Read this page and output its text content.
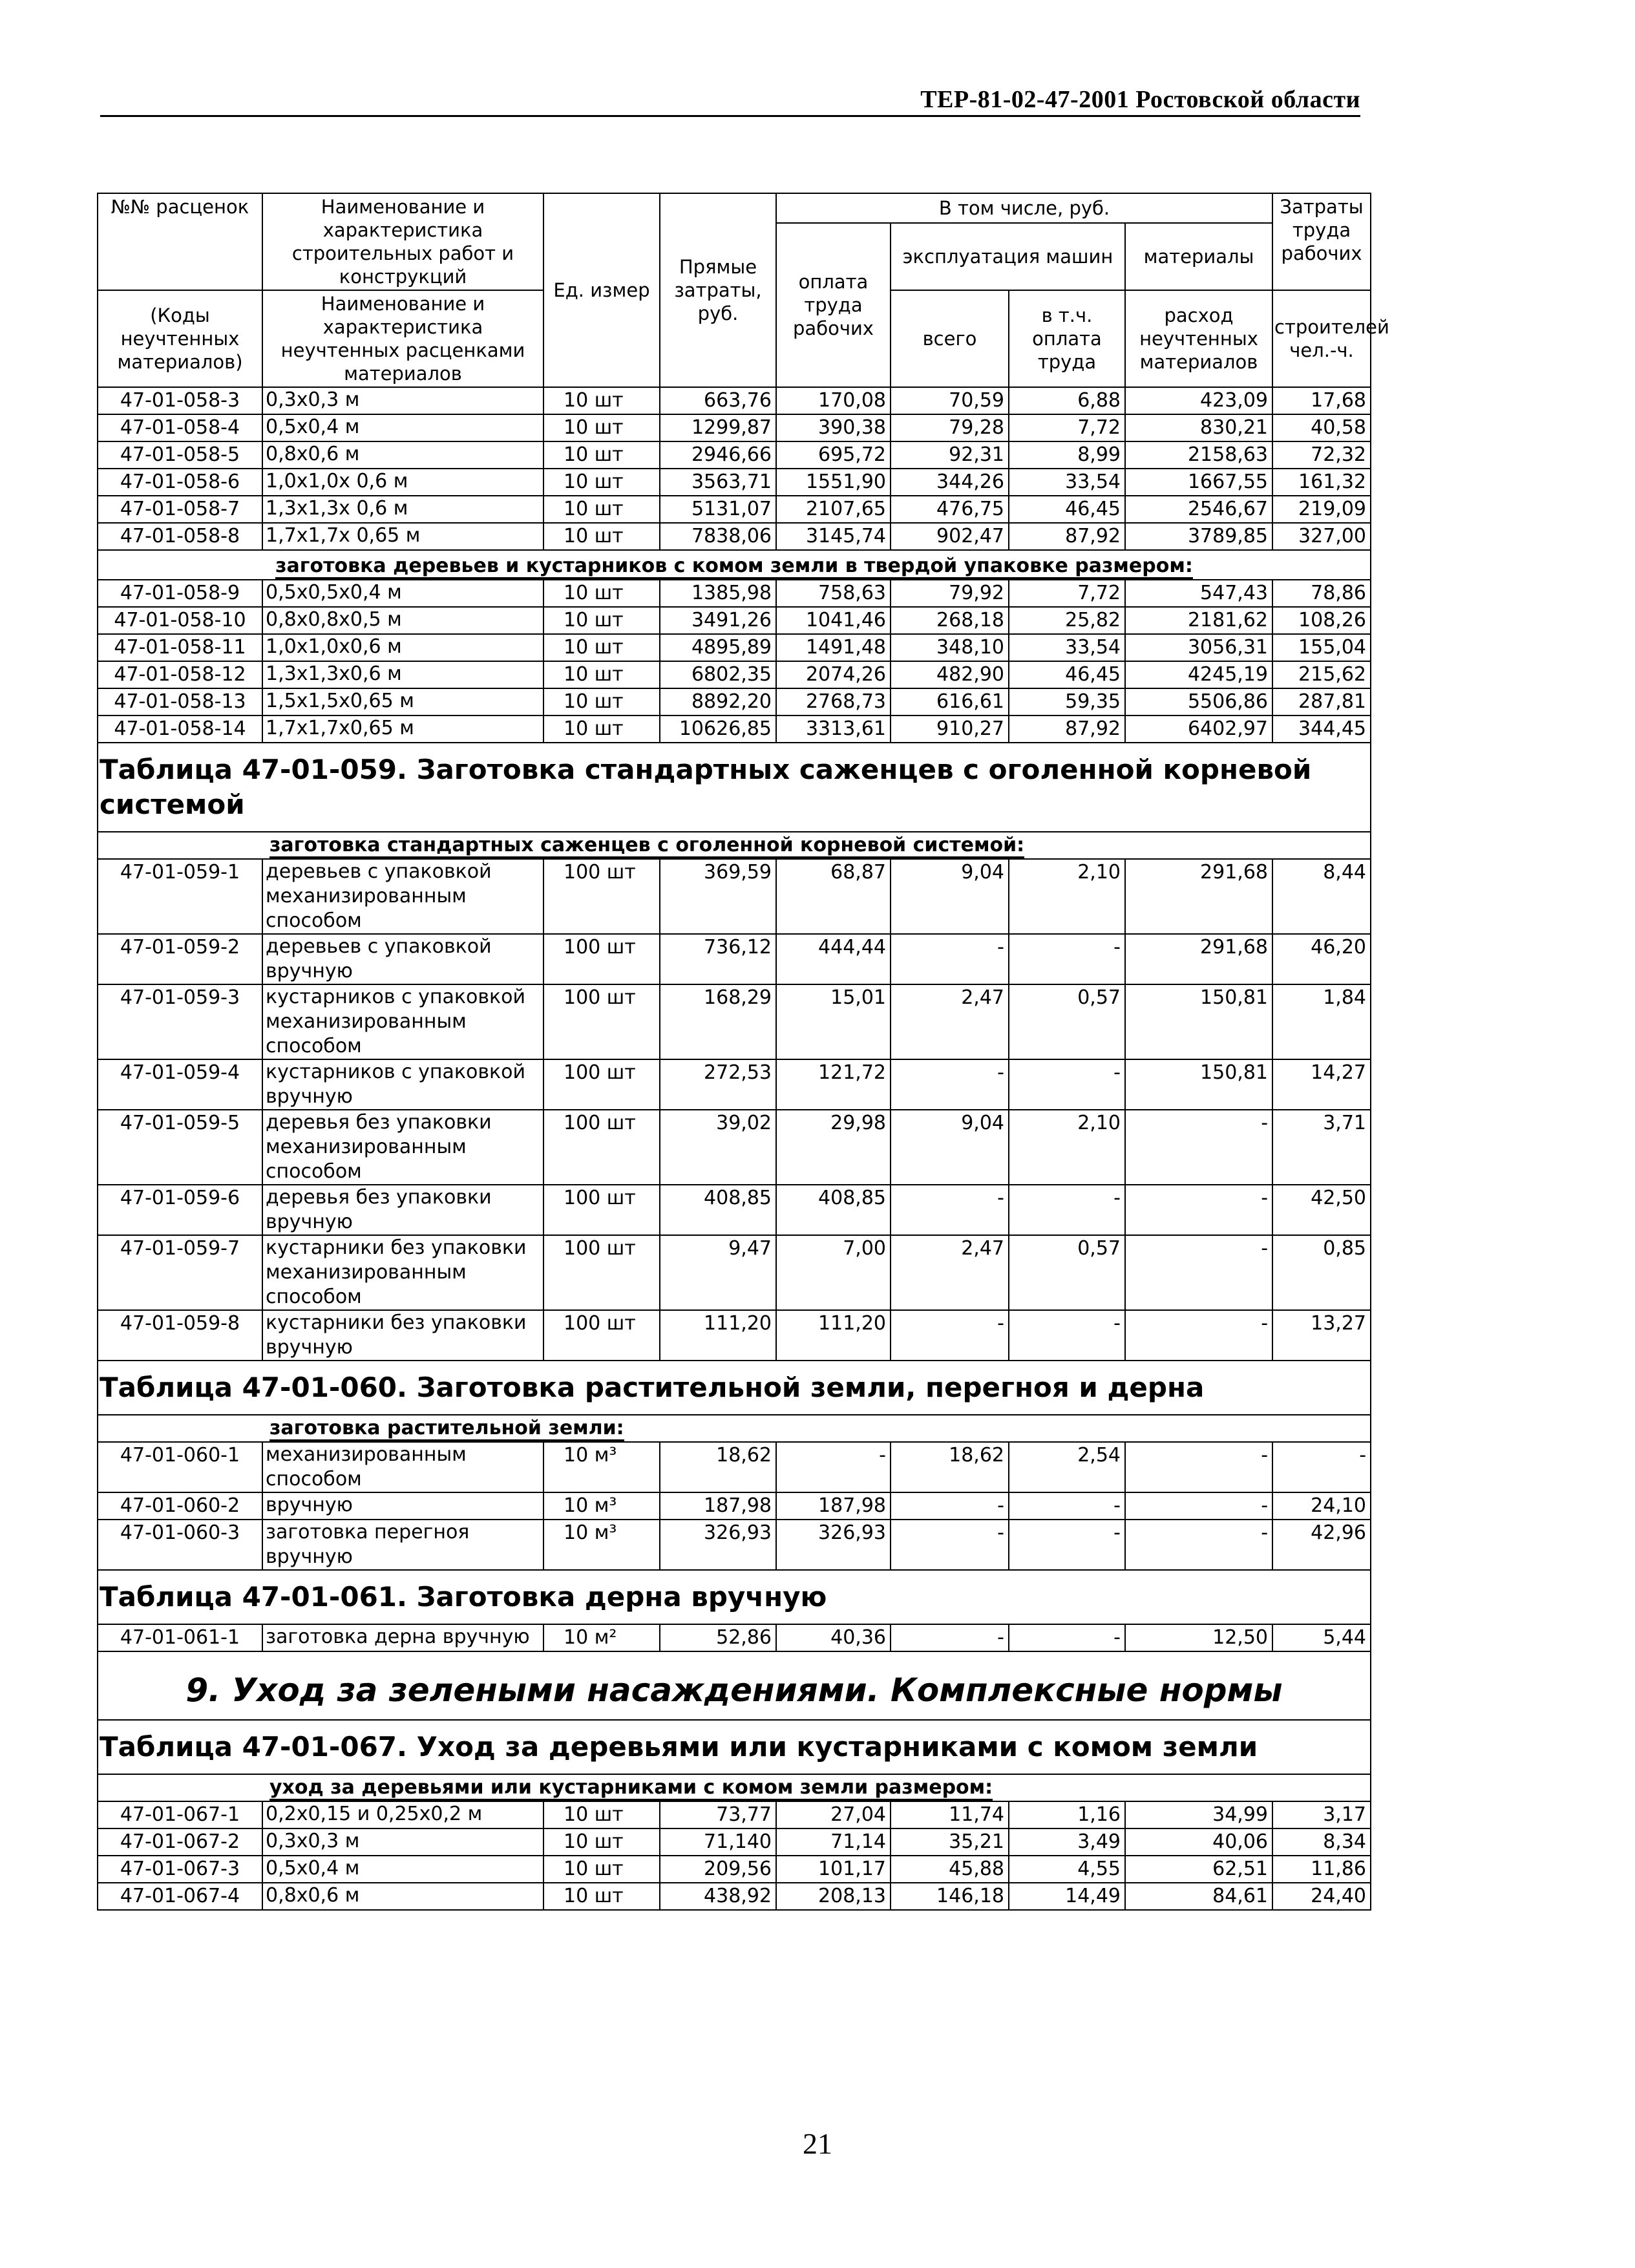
ТЕР-81-02-47-2001 Ростовской области
№№ расценок	Наименование и характеристика строительных работ и конструкций	Ед. измер	Прямые затраты, руб.	В том числе, руб.				Затраты труда рабочих
				оплата труда рабочих	эксплуатация машин		материалы	
(Коды неучтенных материалов)	Наименование и характеристика неучтенных расценками материалов				всего	в т.ч. оплата труда	расход неучтенных материалов	строителей чел.-ч.

47-01-058-3	0,3x0,3 м	10 шт	663,76	170,08	70,59	6,88	423,09	17,68
47-01-058-4	0,5x0,4 м	10 шт	1299,87	390,38	79,28	7,72	830,21	40,58
47-01-058-5	0,8x0,6 м	10 шт	2946,66	695,72	92,31	8,99	2158,63	72,32
47-01-058-6	1,0x1,0x 0,6 м	10 шт	3563,71	1551,90	344,26	33,54	1667,55	161,32
47-01-058-7	1,3x1,3x 0,6 м	10 шт	5131,07	2107,65	476,75	46,45	2546,67	219,09
47-01-058-8	1,7x1,7x 0,65 м	10 шт	7838,06	3145,74	902,47	87,92	3789,85	327,00
заготовка деревьев и кустарников с комом земли в твердой упаковке размером:								
47-01-058-9	0,5x0,5x0,4 м	10 шт	1385,98	758,63	79,92	7,72	547,43	78,86
47-01-058-10	0,8x0,8x0,5 м	10 шт	3491,26	1041,46	268,18	25,82	2181,62	108,26
47-01-058-11	1,0x1,0x0,6 м	10 шт	4895,89	1491,48	348,10	33,54	3056,31	155,04
47-01-058-12	1,3x1,3x0,6 м	10 шт	6802,35	2074,26	482,90	46,45	4245,19	215,62
47-01-058-13	1,5x1,5x0,65 м	10 шт	8892,20	2768,73	616,61	59,35	5506,86	287,81
47-01-058-14	1,7x1,7x0,65 м	10 шт	10626,85	3313,61	910,27	87,92	6402,97	344,45
Таблица 47-01-059. Заготовка стандартных саженцев с оголенной корневой системой								
заготовка стандартных саженцев с оголенной корневой системой:								
47-01-059-1	деревьев с упаковкой механизированным способом	100 шт	369,59	68,87	9,04	2,10	291,68	8,44
47-01-059-2	деревьев с упаковкой вручную	100 шт	736,12	444,44	-	-	291,68	46,20
47-01-059-3	кустарников с упаковкой механизированным способом	100 шт	168,29	15,01	2,47	0,57	150,81	1,84
47-01-059-4	кустарников с упаковкой вручную	100 шт	272,53	121,72	-	-	150,81	14,27
47-01-059-5	деревья без упаковки механизированным способом	100 шт	39,02	29,98	9,04	2,10	-	3,71
47-01-059-6	деревья без упаковки вручную	100 шт	408,85	408,85	-	-	-	42,50
47-01-059-7	кустарники без упаковки механизированным способом	100 шт	9,47	7,00	2,47	0,57	-	0,85
47-01-059-8	кустарники без упаковки вручную	100 шт	111,20	111,20	-	-	-	13,27
Таблица 47-01-060. Заготовка растительной земли, перегноя и дерна								
заготовка растительной земли:								
47-01-060-1	механизированным способом	10 м³	18,62	-	18,62	2,54	-	-
47-01-060-2	вручную	10 м³	187,98	187,98	-	-	-	24,10
47-01-060-3	заготовка перегноя вручную	10 м³	326,93	326,93	-	-	-	42,96
Таблица 47-01-061. Заготовка дерна вручную								
47-01-061-1	заготовка дерна вручную	10 м²	52,86	40,36	-	-	12,50	5,44
9. Уход за зелеными насаждениями. Комплексные нормы								
Таблица 47-01-067. Уход за деревьями или кустарниками с комом земли								
уход за деревьями или кустарниками с комом земли размером:								
47-01-067-1	0,2x0,15 и 0,25x0,2 м	10 шт	73,77	27,04	11,74	1,16	34,99	3,17
47-01-067-2	0,3x0,3 м	10 шт	71,140	71,14	35,21	3,49	40,06	8,34
47-01-067-3	0,5x0,4 м	10 шт	209,56	101,17	45,88	4,55	62,51	11,86
47-01-067-4	0,8x0,6 м	10 шт	438,92	208,13	146,18	14,49	84,61	24,40
21
